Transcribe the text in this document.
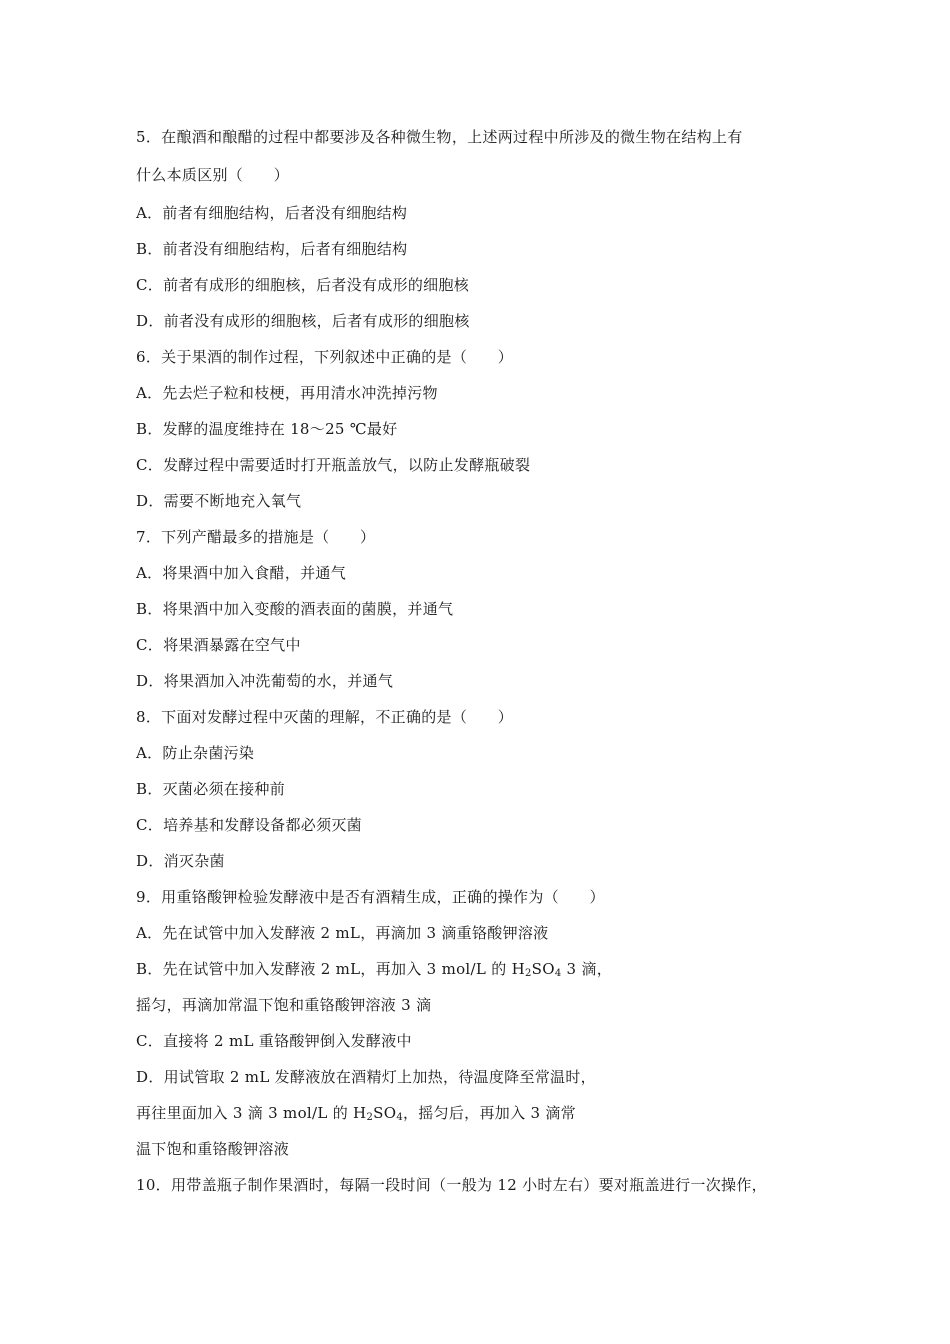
5．在酿酒和酿醋的过程中都要涉及各种微生物，上述两过程中所涉及的微生物在结构上有
什么本质区别（　　）
A．前者有细胞结构，后者没有细胞结构
B．前者没有细胞结构，后者有细胞结构
C．前者有成形的细胞核，后者没有成形的细胞核
D．前者没有成形的细胞核，后者有成形的细胞核
6．关于果酒的制作过程，下列叙述中正确的是（　　）
A．先去烂子粒和枝梗，再用清水冲洗掉污物
B．发酵的温度维持在 18～25 ℃最好
C．发酵过程中需要适时打开瓶盖放气，以防止发酵瓶破裂
D．需要不断地充入氧气
7．下列产醋最多的措施是（　　）
A．将果酒中加入食醋，并通气
B．将果酒中加入变酸的酒表面的菌膜，并通气
C．将果酒暴露在空气中
D．将果酒加入冲洗葡萄的水，并通气
8．下面对发酵过程中灭菌的理解，不正确的是（　　）
A．防止杂菌污染
B．灭菌必须在接种前
C．培养基和发酵设备都必须灭菌
D．消灭杂菌
9．用重铬酸钾检验发酵液中是否有酒精生成，正确的操作为（　　）
A．先在试管中加入发酵液 2 mL，再滴加 3 滴重铬酸钾溶液
B．先在试管中加入发酵液 2 mL，再加入 3 mol/L 的 $H_2SO_4$ 3 滴，
摇匀，再滴加常温下饱和重铬酸钾溶液 3 滴
C．直接将 2 mL 重铬酸钾倒入发酵液中
D．用试管取 2 mL 发酵液放在酒精灯上加热，待温度降至常温时，
再往里面加入 3 滴 3 mol/L 的 $H_2SO_4$，摇匀后，再加入 3 滴常
温下饱和重铬酸钾溶液
10．用带盖瓶子制作果酒时，每隔一段时间（一般为 12 小时左右）要对瓶盖进行一次操作，
